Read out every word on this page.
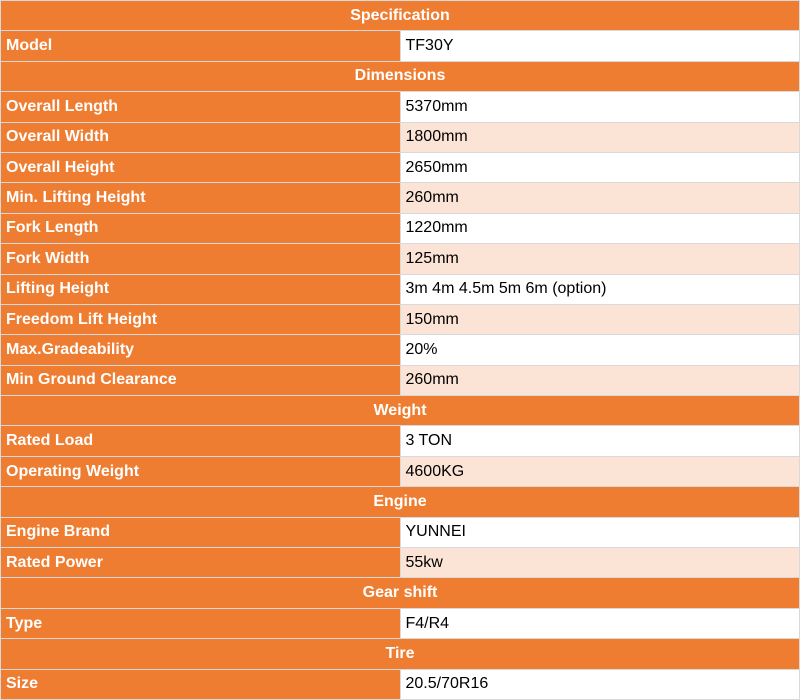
Specification	
Model	TF30Y
Dimensions	
Overall Length	5370mm
Overall Width	1800mm
Overall Height	2650mm
Min. Lifting Height	260mm
Fork Length	1220mm
Fork Width	125mm
Lifting Height	3m 4m 4.5m 5m 6m (option)
Freedom Lift Height	150mm
Max.Gradeability	20%
Min Ground Clearance	260mm
Weight	
Rated Load	3 TON
Operating Weight	4600KG
Engine	
Engine Brand	YUNNEI
Rated Power	55kw
Gear shift	
Type	F4/R4
Tire	
Size	20.5/70R16
